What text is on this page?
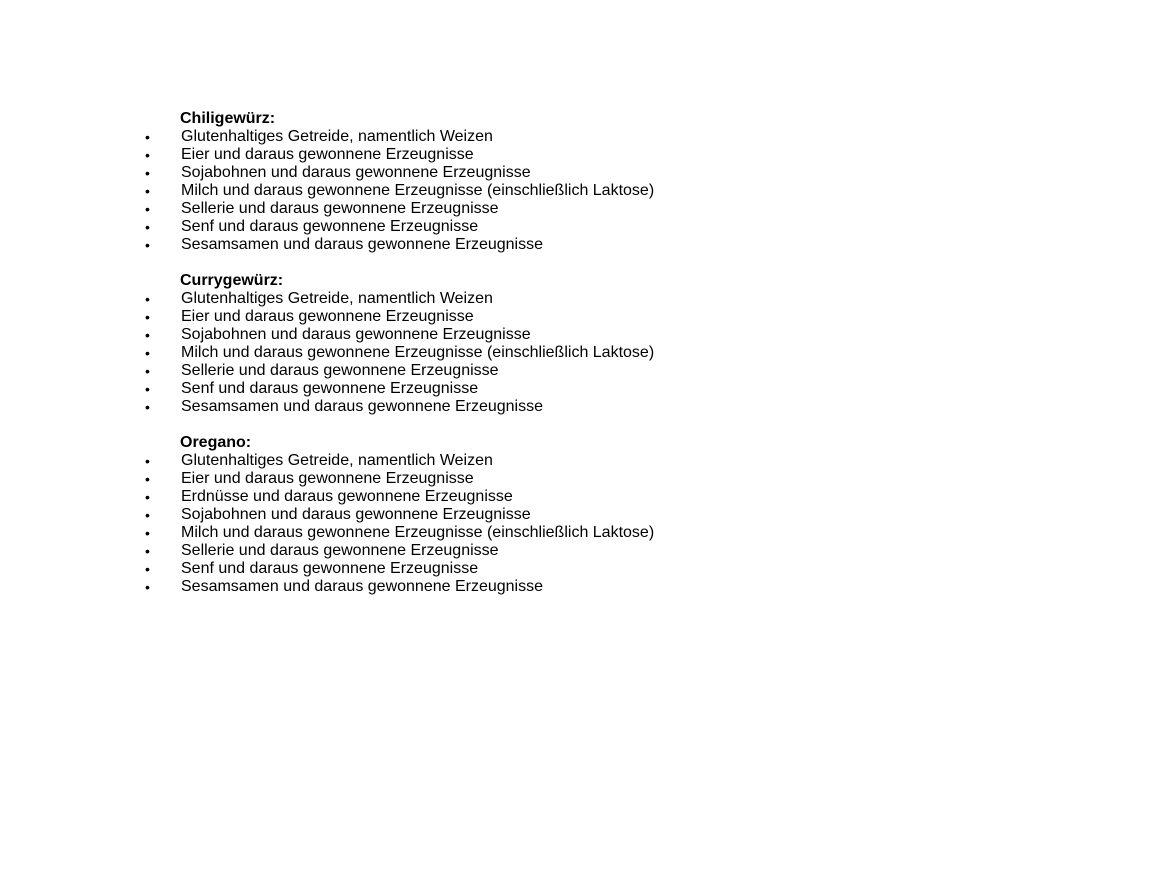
Chiligewürz:
• Glutenhaltiges Getreide, namentlich Weizen
• Eier und daraus gewonnene Erzeugnisse
• Sojabohnen und daraus gewonnene Erzeugnisse
• Milch und daraus gewonnene Erzeugnisse (einschließlich Laktose)
• Sellerie und daraus gewonnene Erzeugnisse
• Senf und daraus gewonnene Erzeugnisse
• Sesamsamen und daraus gewonnene Erzeugnisse
Currygewürz:
• Glutenhaltiges Getreide, namentlich Weizen
• Eier und daraus gewonnene Erzeugnisse
• Sojabohnen und daraus gewonnene Erzeugnisse
• Milch und daraus gewonnene Erzeugnisse (einschließlich Laktose)
• Sellerie und daraus gewonnene Erzeugnisse
• Senf und daraus gewonnene Erzeugnisse
• Sesamsamen und daraus gewonnene Erzeugnisse
Oregano:
• Glutenhaltiges Getreide, namentlich Weizen
• Eier und daraus gewonnene Erzeugnisse
• Erdnüsse und daraus gewonnene Erzeugnisse
• Sojabohnen und daraus gewonnene Erzeugnisse
• Milch und daraus gewonnene Erzeugnisse (einschließlich Laktose)
• Sellerie und daraus gewonnene Erzeugnisse
• Senf und daraus gewonnene Erzeugnisse
• Sesamsamen und daraus gewonnene Erzeugnisse
